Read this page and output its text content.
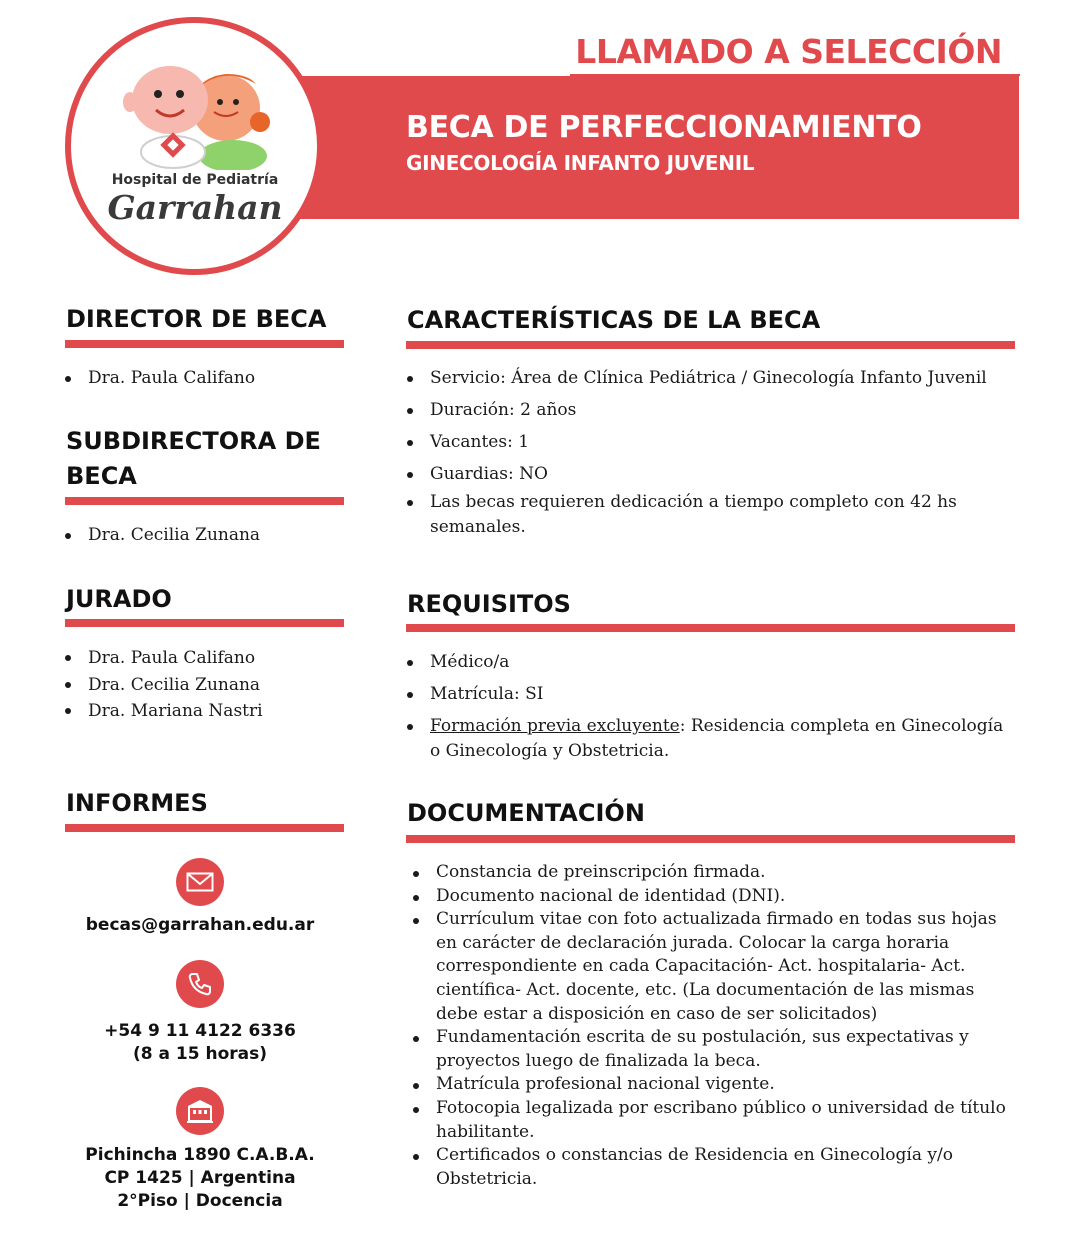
LLAMADO A SELECCIÓN
BECA DE PERFECCIONAMIENTO
GINECOLOGÍA INFANTO JUVENIL
Hospital de Pediatría
Garrahan
DIRECTOR DE BECA
Dra. Paula Califano
SUBDIRECTORA DE
BECA
Dra. Cecilia Zunana
JURADO
Dra. Paula Califano
Dra. Cecilia Zunana
Dra. Mariana Nastri
INFORMES
becas@garrahan.edu.ar
+54 9 11 4122 6336
(8 a 15 horas)
Pichincha 1890 C.A.B.A.
CP 1425 | Argentina
2°Piso | Docencia
CARACTERÍSTICAS DE LA BECA
Servicio: Área de Clínica Pediátrica / Ginecología Infanto Juvenil
Duración: 2 años
Vacantes: 1
Guardias: NO
Las becas requieren dedicación a tiempo completo con 42 hs semanales.
REQUISITOS
Médico/a
Matrícula: SI
Formación previa excluyente: Residencia completa en Ginecología o Ginecología y Obstetricia.
DOCUMENTACIÓN
Constancia de preinscripción firmada.
Documento nacional de identidad (DNI).
Currículum vitae con foto actualizada firmado en todas sus hojas en carácter de declaración jurada. Colocar la carga horaria correspondiente en cada Capacitación- Act. hospitalaria- Act. científica- Act. docente, etc. (La documentación de las mismas debe estar a disposición en caso de ser solicitados)
Fundamentación escrita de su postulación, sus expectativas y proyectos luego de finalizada la beca.
Matrícula profesional nacional vigente.
Fotocopia legalizada por escribano público o universidad de título habilitante.
Certificados o constancias de Residencia en Ginecología y/o Obstetricia.
